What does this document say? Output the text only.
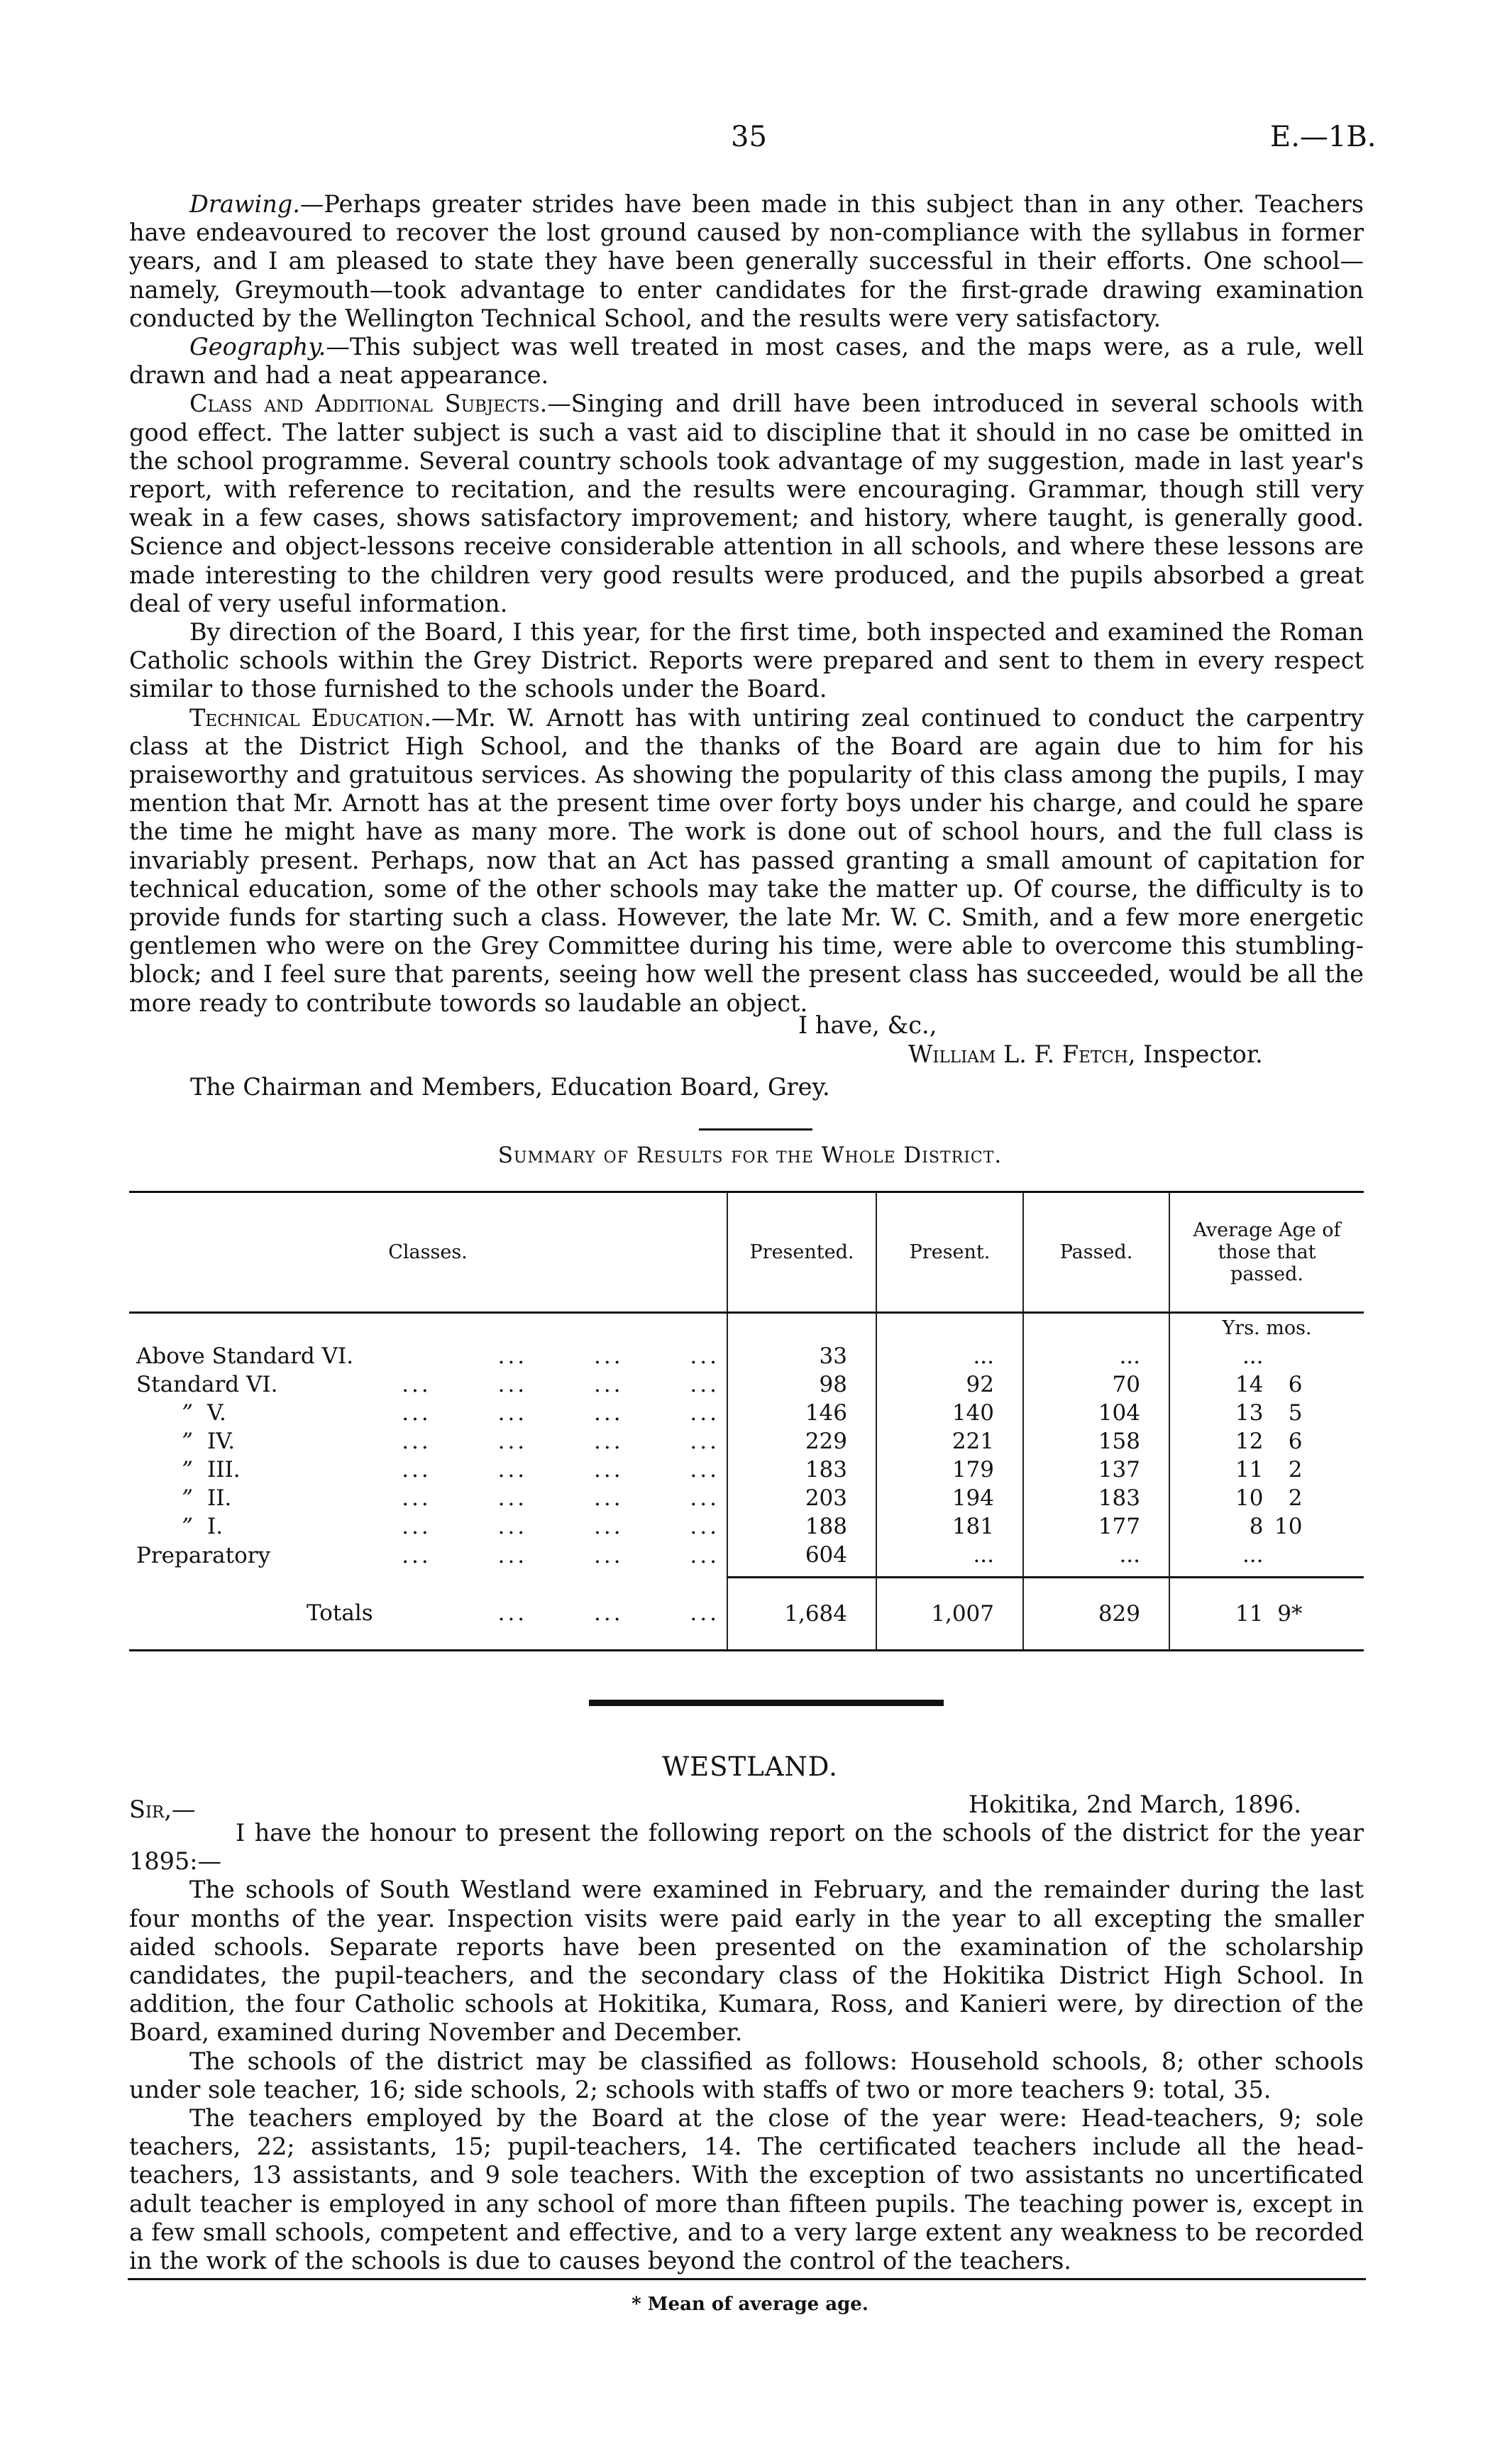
35	E.—1B.

Drawing.—Perhaps greater strides have been made in this subject than in any other. Teachers have endeavoured to recover the lost ground caused by non-compliance with the syllabus in former years, and I am pleased to state they have been generally successful in their efforts. One school—namely, Greymouth—took advantage to enter candidates for the first-grade drawing examination conducted by the Wellington Technical School, and the results were very satisfactory.

Geography.—This subject was well treated in most cases, and the maps were, as a rule, well drawn and had a neat appearance.

Class and Additional Subjects.—Singing and drill have been introduced in several schools with good effect. The latter subject is such a vast aid to discipline that it should in no case be omitted in the school programme. Several country schools took advantage of my suggestion, made in last year's report, with reference to recitation, and the results were encouraging. Grammar, though still very weak in a few cases, shows satisfactory improvement; and history, where taught, is generally good. Science and object-lessons receive considerable attention in all schools, and where these lessons are made interesting to the children very good results were produced, and the pupils absorbed a great deal of very useful information.

By direction of the Board, I this year, for the first time, both inspected and examined the Roman Catholic schools within the Grey District. Reports were prepared and sent to them in every respect similar to those furnished to the schools under the Board.

Technical Education.—Mr. W. Arnott has with untiring zeal continued to conduct the carpentry class at the District High School, and the thanks of the Board are again due to him for his praiseworthy and gratuitous services. As showing the popularity of this class among the pupils, I may mention that Mr. Arnott has at the present time over forty boys under his charge, and could he spare the time he might have as many more. The work is done out of school hours, and the full class is invariably present. Perhaps, now that an Act has passed granting a small amount of capitation for technical education, some of the other schools may take the matter up. Of course, the difficulty is to provide funds for starting such a class. However, the late Mr. W. C. Smith, and a few more energetic gentlemen who were on the Grey Committee during his time, were able to overcome this stumbling-block; and I feel sure that parents, seeing how well the present class has succeeded, would be all the more ready to contribute towords so laudable an object.

I have, &c.,
William L. F. Fetch, Inspector.
The Chairman and Members, Education Board, Grey.
Summary of Results for the Whole District.
Classes.	Presented.	Present.	Passed.	Average Age of those that passed.
				Yrs. mos.
Above Standard VI. ... ... ...	33	...	...	...
Standard VI. ... ... ... ...	98	92	70	14 6
” V. ... ... ... ...	146	140	104	13 5
” IV. ... ... ... ...	229	221	158	12 6
” III. ... ... ... ...	183	179	137	11 2
” II. ... ... ... ...	203	194	183	10 2
” I. ... ... ... ...	188	181	177	8 10
Preparatory ... ... ... ...	604	...	...	...
Totals ... ... ...	1,684	1,007	829	11 9*

WESTLAND.
Sir,—	Hokitika, 2nd March, 1896.

I have the honour to present the following report on the schools of the district for the year 1895:—

The schools of South Westland were examined in February, and the remainder during the last four months of the year. Inspection visits were paid early in the year to all excepting the smaller aided schools. Separate reports have been presented on the examination of the scholarship candidates, the pupil-teachers, and the secondary class of the Hokitika District High School. In addition, the four Catholic schools at Hokitika, Kumara, Ross, and Kanieri were, by direction of the Board, examined during November and December.

The schools of the district may be classified as follows: Household schools, 8; other schools under sole teacher, 16; side schools, 2; schools with staffs of two or more teachers 9: total, 35.

The teachers employed by the Board at the close of the year were: Head-teachers, 9; sole teachers, 22; assistants, 15; pupil-teachers, 14. The certificated teachers include all the head-teachers, 13 assistants, and 9 sole teachers. With the exception of two assistants no uncertificated adult teacher is employed in any school of more than fifteen pupils. The teaching power is, except in a few small schools, competent and effective, and to a very large extent any weakness to be recorded in the work of the schools is due to causes beyond the control of the teachers.

* Mean of average age.
